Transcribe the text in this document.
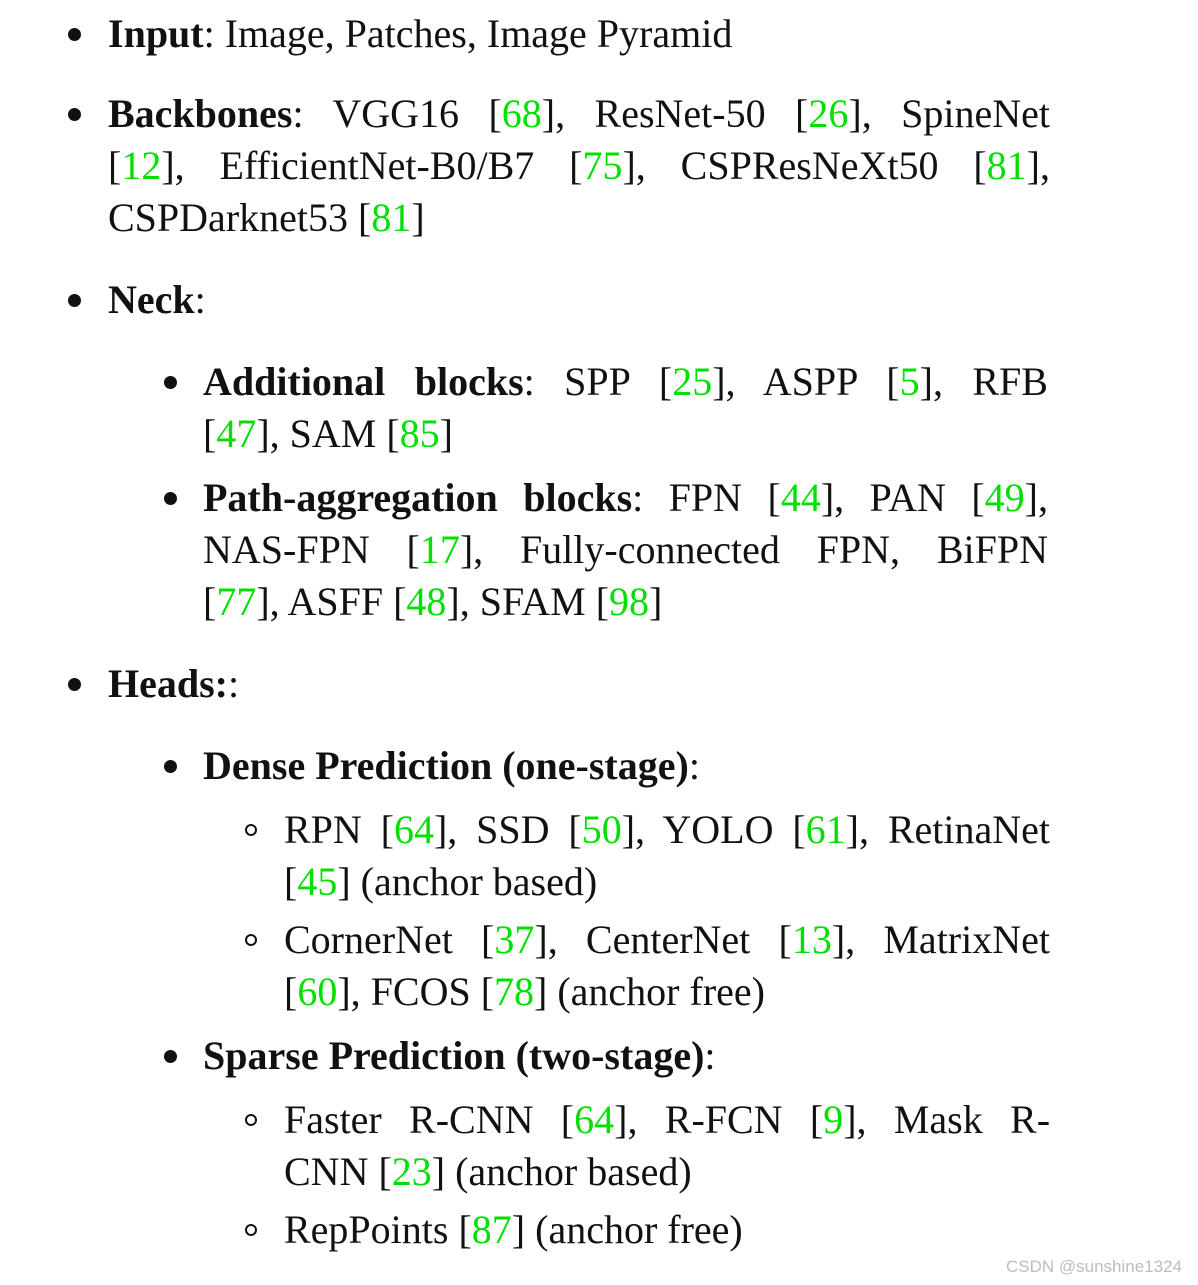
Input: Image, Patches, Image Pyramid
Backbones: VGG16 [68], ResNet-50 [26], SpineNet
[12], EfficientNet-B0/B7 [75], CSPResNeXt50 [81],
CSPDarknet53 [81]
Neck:
Additional blocks: SPP [25], ASPP [5], RFB
[47], SAM [85]
Path-aggregation blocks: FPN [44], PAN [49],
NAS-FPN [17], Fully-connected FPN, BiFPN
[77], ASFF [48], SFAM [98]
Heads::
Dense Prediction (one-stage):
RPN [64], SSD [50], YOLO [61], RetinaNet
[45] (anchor based)
CornerNet [37], CenterNet [13], MatrixNet
[60], FCOS [78] (anchor free)
Sparse Prediction (two-stage):
Faster R-CNN [64], R-FCN [9], Mask R-
CNN [23] (anchor based)
RepPoints [87] (anchor free)
CSDN @sunshine1324
